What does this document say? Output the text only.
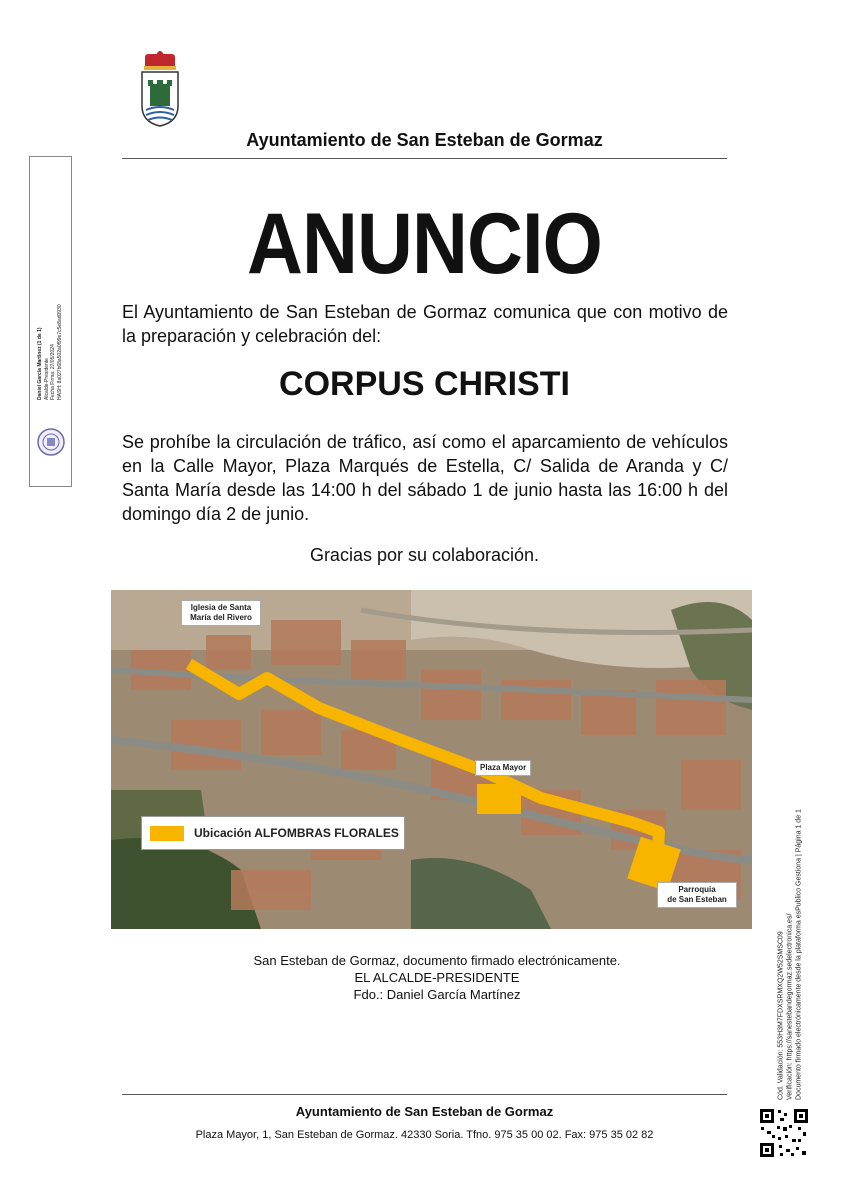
Ayuntamiento de San Esteban de Gormaz
ANUNCIO
El Ayuntamiento de San Esteban de Gormaz comunica que con motivo de la preparación y celebración del:
CORPUS CHRISTI
Se prohíbe la circulación de tráfico, así como el aparcamiento de vehículos en la Calle Mayor, Plaza Marqués de Estella, C/ Salida de Aranda y C/ Santa María desde las 14:00 h del sábado 1 de junio hasta las 16:00 h del domingo día 2 de junio.
Gracias por su colaboración.
Iglesia de Santa
María del Rivero
Plaza Mayor
Parroquia
de San Esteban
Ubicación ALFOMBRAS FLORALES
San Esteban de Gormaz, documento firmado electrónicamente.
EL ALCALDE-PRESIDENTE
Fdo.: Daniel García Martínez
Ayuntamiento de San Esteban de Gormaz
Plaza Mayor, 1, San Esteban de Gormaz. 42330 Soria. Tfno. 975 35 00 02. Fax: 975 35 02 82
Daniel García Martínez (1 de 1) Alcalde-Presidente Fecha Firma: 27/05/2024 HASH: 8a027b68a502a0f99e7c5e8ad0930
Cód. Validación: 553H3M7FDXSRMXQ2W52SMSC09 Verificación: https://sanestebandegormaz.sedelectronica.es/ Documento firmado electrónicamente desde la plataforma esPublico Gestiona | Página 1 de 1
